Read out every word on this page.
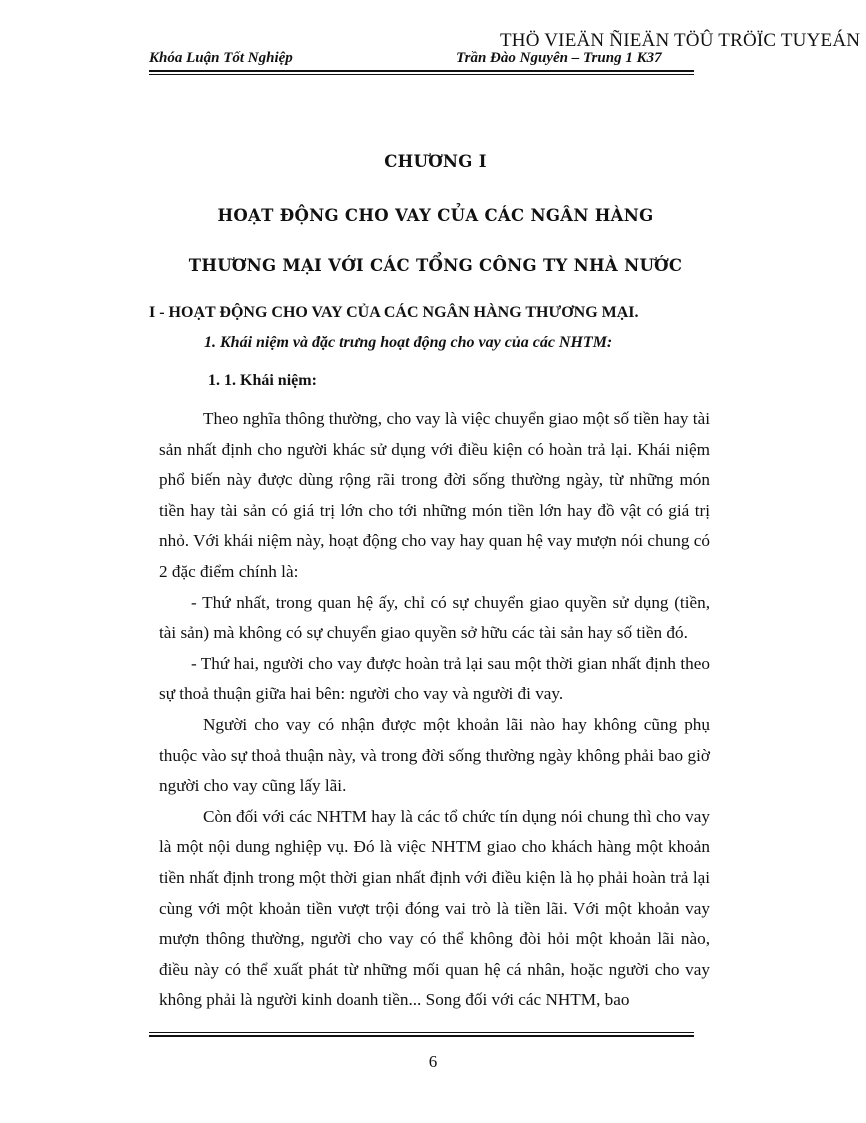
THÖ VIEÄN ÑIEÄN TÖÛ TRÖÏC TUYEÁN
Khóa Luận Tốt Nghiệp	Trần Đào Nguyên – Trung 1 K37
CHƯƠNG I
HOẠT ĐỘNG CHO VAY CỦA CÁC NGÂN HÀNG
THƯƠNG MẠI VỚI CÁC TỔNG CÔNG TY NHÀ NƯỚC
I - HOẠT ĐỘNG CHO VAY CỦA CÁC NGÂN HÀNG THƯƠNG MẠI.
1. Khái niệm và đặc trưng hoạt động cho vay của các NHTM:
1. 1. Khái niệm:

Theo nghĩa thông thường, cho vay là việc chuyển giao một số tiền hay tài sản nhất định cho người khác sử dụng với điều kiện có hoàn trả lại. Khái niệm phổ biến này được dùng rộng rãi trong đời sống thường ngày, từ những món tiền hay tài sản có giá trị lớn cho tới những món tiền lớn hay đồ vật có giá trị nhỏ. Với khái niệm này, hoạt động cho vay hay quan hệ vay mượn nói chung có 2 đặc điểm chính là:

- Thứ nhất, trong quan hệ ấy, chỉ có sự chuyển giao quyền sử dụng (tiền, tài sản) mà không có sự chuyển giao quyền sở hữu các tài sản hay số tiền đó.

- Thứ hai, người cho vay được hoàn trả lại sau một thời gian nhất định theo sự thoả thuận giữa hai bên: người cho vay và người đi vay.

Người cho vay có nhận được một khoản lãi nào hay không cũng phụ thuộc vào sự thoả thuận này, và trong đời sống thường ngày không phải bao giờ người cho vay cũng lấy lãi.

Còn đối với các NHTM hay là các tổ chức tín dụng nói chung thì cho vay là một nội dung nghiệp vụ. Đó là việc NHTM giao cho khách hàng một khoản tiền nhất định trong một thời gian nhất định với điều kiện là họ phải hoàn trả lại cùng với một khoản tiền vượt trội đóng vai trò là tiền lãi. Với một khoản vay mượn thông thường, người cho vay có thể không đòi hỏi một khoản lãi nào, điều này có thể xuất phát từ những mối quan hệ cá nhân, hoặc người cho vay không phải là người kinh doanh tiền... Song đối với các NHTM, bao

6
